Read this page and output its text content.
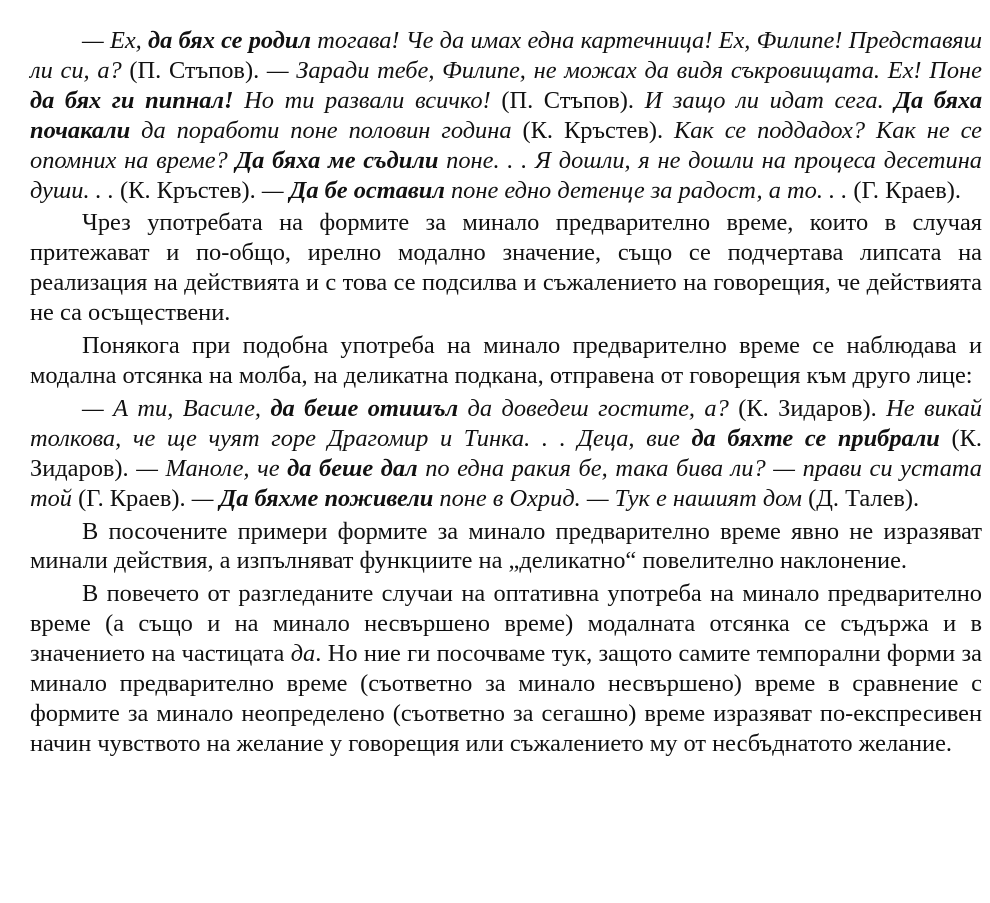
— Ех, да бях се родил тогава! Че да имах една картечница! Ех, Филипе! Представяш ли си, а? (П. Стъпов). — Заради тебе, Филипе, не можах да видя съкровищата. Ех! Поне да бях ги пипнал! Но ти развали всичко! (П. Стъпов). И защо ли идат сега. Да бяха почакали да поработи поне половин година (К. Кръстев). Как се поддадох? Как не се опомних на време? Да бяха ме съдили поне. . . Я дошли, я не дошли на процеса десетина души. . . (К. Кръстев). — Да бе оставил поне едно детенце за радост, а то. . . (Г. Краев).

Чрез употребата на формите за минало предварително време, които в случая притежават и по-общо, ирелно модално значение, също се подчертава липсата на реализация на действията и с това се подсилва и съжалението на говорещия, че действията не са осъществени.

Понякога при подобна употреба на минало предварително време се наблюдава и модална отсянка на молба, на деликатна подкана, отправена от говорещия към друго лице:

— А ти, Василе, да беше отишъл да доведеш гостите, а? (К. Зидаров). Не викай толкова, че ще чуят горе Драгомир и Тинка. . . Деца, вие да бяхте се прибрали (К. Зидаров). — Маноле, че да беше дал по една ракия бе, така бива ли? — прави си устата той (Г. Краев). — Да бяхме поживели поне в Охрид. — Тук е нашият дом (Д. Талев).

В посочените примери формите за минало предварително време явно не изразяват минали действия, а изпълняват функциите на „деликатно“ повелително наклонение.

В повечето от разгледаните случаи на оптативна употреба на минало предварително време (а също и на минало несвършено време) модалната отсянка се съдържа и в значението на частицата да. Но ние ги посочваме тук, защото самите темпорални форми за минало предварително време (съответно за минало несвършено) време в сравнение с формите за минало неопределено (съответно за сегашно) време изразяват по-експресивен начин чувството на желание у говорещия или съжалението му от несбъднатото желание.
